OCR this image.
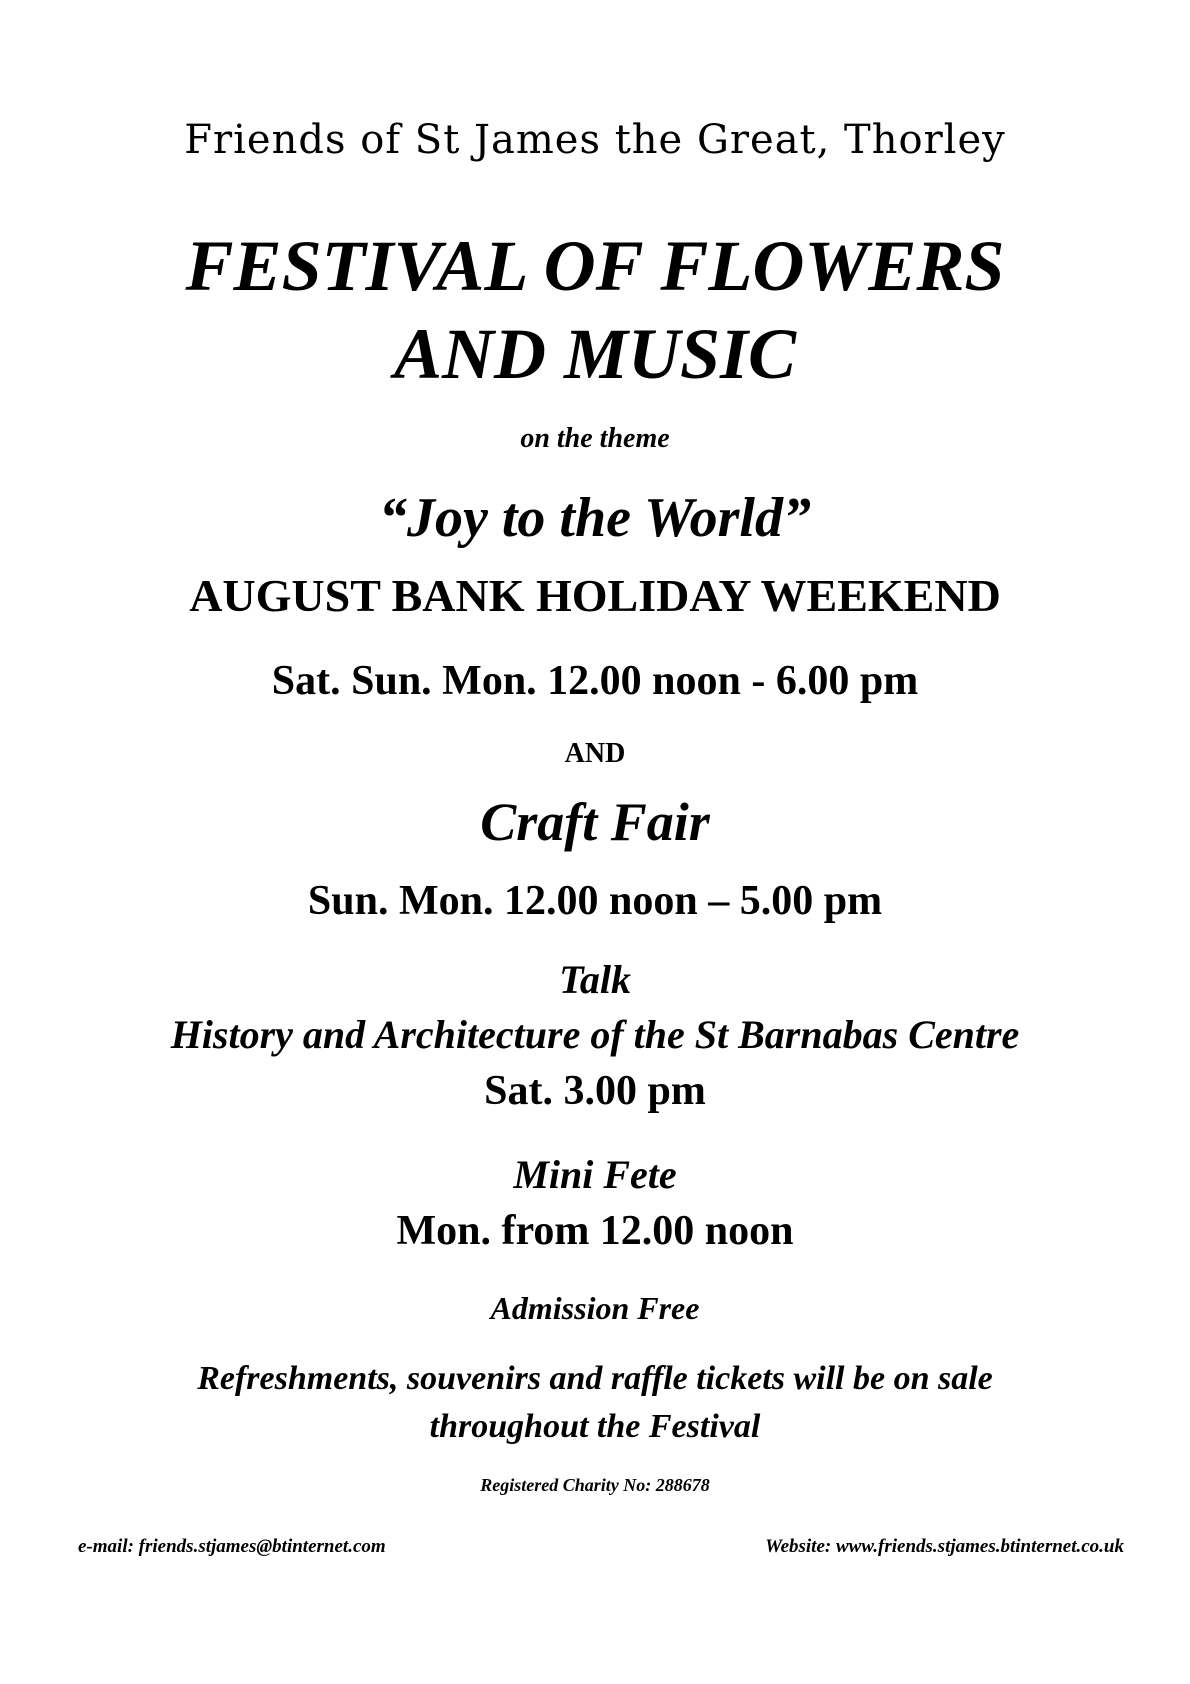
Friends of St James the Great, Thorley
FESTIVAL OF FLOWERS
AND MUSIC
on the theme
“Joy to the World”
AUGUST BANK HOLIDAY WEEKEND
Sat. Sun. Mon. 12.00 noon - 6.00 pm
AND
Craft Fair
Sun. Mon. 12.00 noon – 5.00 pm
Talk
History and Architecture of the St Barnabas Centre
Sat. 3.00 pm
Mini Fete
Mon. from 12.00 noon
Admission Free
Refreshments, souvenirs and raffle tickets will be on sale
throughout the Festival
Registered Charity No: 288678
e-mail: friends.stjames@btinternet.com	Website: www.friends.stjames.btinternet.co.uk
